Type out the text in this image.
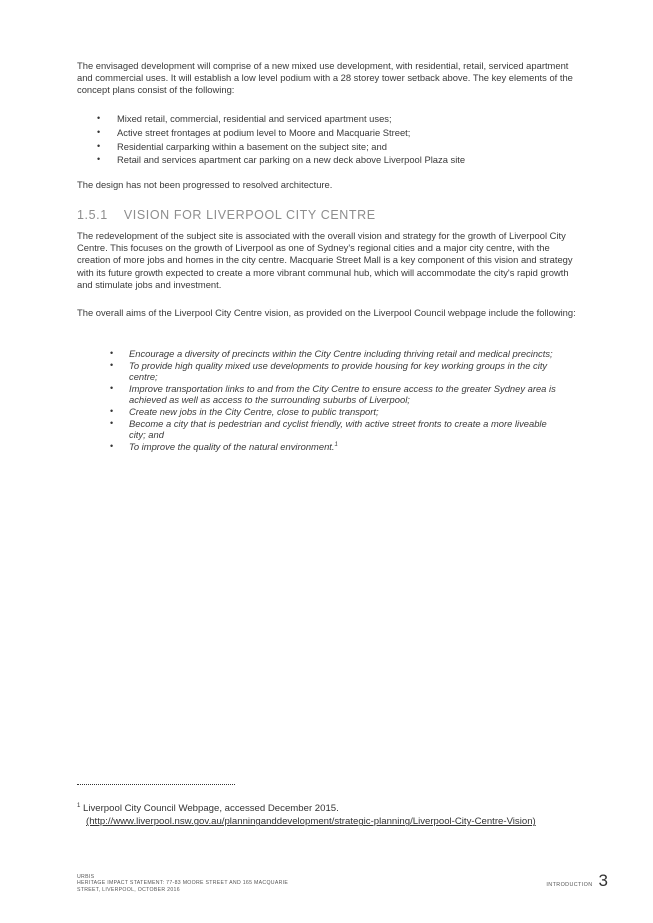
The envisaged development will comprise of a new mixed use development, with residential, retail, serviced apartment and commercial uses. It will establish a low level podium with a 28 storey tower setback above. The key elements of the concept plans consist of the following:

• Mixed retail, commercial, residential and serviced apartment uses;
• Active street frontages at podium level to Moore and Macquarie Street;
• Residential carparking within a basement on the subject site; and
• Retail and services apartment car parking on a new deck above Liverpool Plaza site

The design has not been progressed to resolved architecture.

1.5.1 VISION FOR LIVERPOOL CITY CENTRE

The redevelopment of the subject site is associated with the overall vision and strategy for the growth of Liverpool City Centre. This focuses on the growth of Liverpool as one of Sydney's regional cities and a major city centre, with the creation of more jobs and homes in the city centre. Macquarie Street Mall is a key component of this vision and strategy with its future growth expected to create a more vibrant communal hub, which will accommodate the city's rapid growth and stimulate jobs and investment.

The overall aims of the Liverpool City Centre vision, as provided on the Liverpool Council webpage include the following:

• Encourage a diversity of precincts within the City Centre including thriving retail and medical precincts;
• To provide high quality mixed use developments to provide housing for key working groups in the city centre;
• Improve transportation links to and from the City Centre to ensure access to the greater Sydney area is achieved as well as access to the surrounding suburbs of Liverpool;
• Create new jobs in the City Centre, close to public transport;
• Become a city that is pedestrian and cyclist friendly, with active street fronts to create a more liveable city; and
• To improve the quality of the natural environment.$^1$
$^1$ Liverpool City Council Webpage, accessed December 2015.
(http://www.liverpool.nsw.gov.au/planninganddevelopment/strategic-planning/Liverpool-City-Centre-Vision)
URBIS
HERITAGE IMPACT STATEMENT: 77-83 MOORE STREET AND 165 MACQUARIE
STREET, LIVERPOOL, OCTOBER 2016
INTRODUCTION 3
